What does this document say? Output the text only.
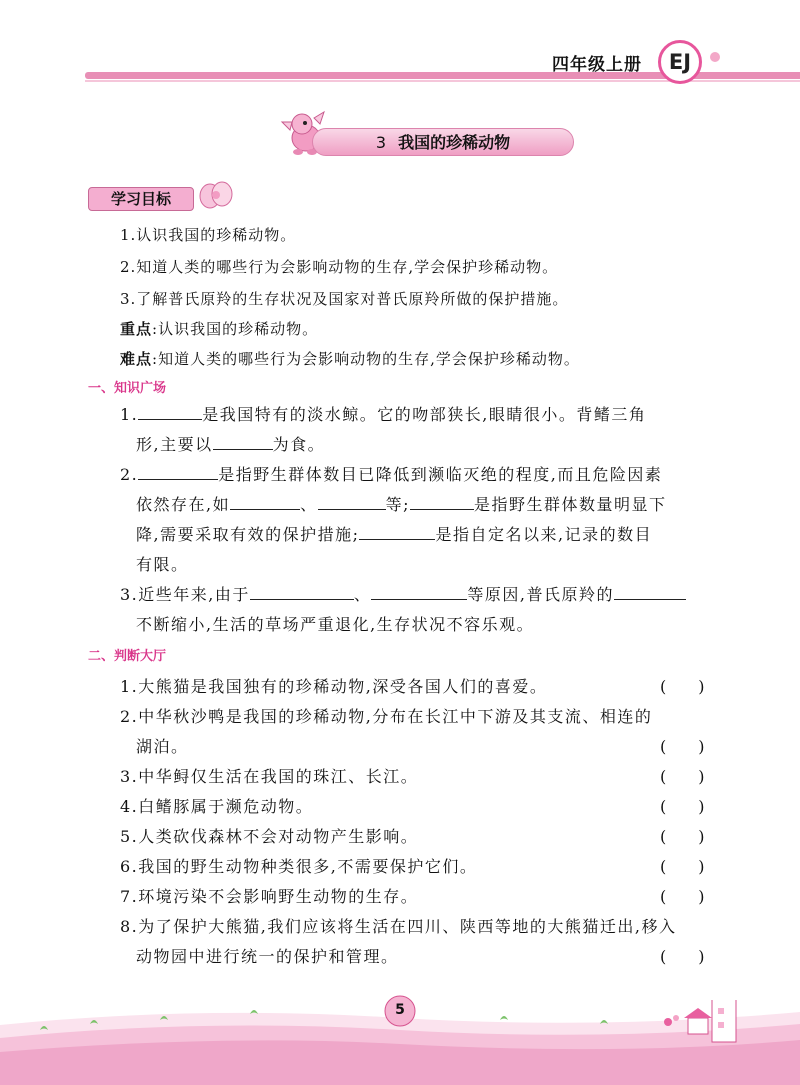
四年级上册	EJ
3 我国的珍稀动物
学习目标
1.认识我国的珍稀动物。
2.知道人类的哪些行为会影响动物的生存,学会保护珍稀动物。
3.了解普氏原羚的生存状况及国家对普氏原羚所做的保护措施。
重点:认识我国的珍稀动物。
难点:知道人类的哪些行为会影响动物的生存,学会保护珍稀动物。
一、知识广场
1.	是我国特有的淡水鲸。它的吻部狭长,眼睛很小。背鳍三角
形,主要以	为食。
2.	是指野生群体数目已降低到濒临灭绝的程度,而且危险因素
依然存在,如	、	等;	是指野生群体数量明显下
降,需要采取有效的保护措施;	是指自定名以来,记录的数目
有限。
3.近些年来,由于	、	等原因,普氏原羚的
不断缩小,生活的草场严重退化,生存状况不容乐观。
二、判断大厅
1.大熊猫是我国独有的珍稀动物,深受各国人们的喜爱。	(　　)
2.中华秋沙鸭是我国的珍稀动物,分布在长江中下游及其支流、相连的
湖泊。	(　　)
3.中华鲟仅生活在我国的珠江、长江。	(　　)
4.白鳍豚属于濒危动物。	(　　)
5.人类砍伐森林不会对动物产生影响。	(　　)
6.我国的野生动物种类很多,不需要保护它们。	(　　)
7.环境污染不会影响野生动物的生存。	(　　)
8.为了保护大熊猫,我们应该将生活在四川、陕西等地的大熊猫迁出,移入
动物园中进行统一的保护和管理。	(　　)
5
